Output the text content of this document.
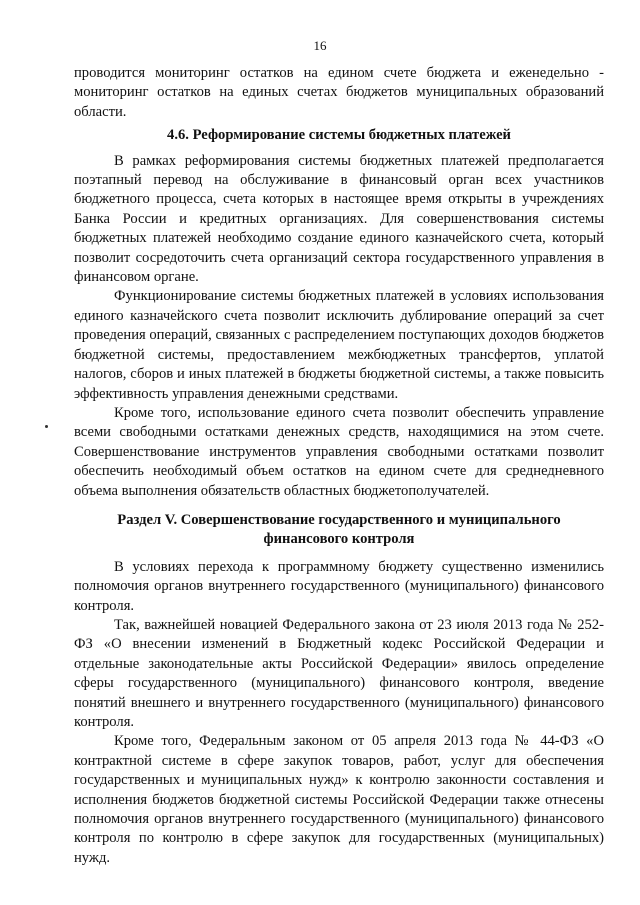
16

проводится мониторинг остатков на едином счете бюджета и еженедельно - мониторинг остатков на единых счетах бюджетов муниципальных образований области.

4.6. Реформирование системы бюджетных платежей

В рамках реформирования системы бюджетных платежей предполагается поэтапный перевод на обслуживание в финансовый орган всех участников бюджетного процесса, счета которых в настоящее время открыты в учреждениях Банка России и кредитных организациях. Для совершенствования системы бюджетных платежей необходимо создание единого казначейского счета, который позволит сосредоточить счета организаций сектора государственного управления в финансовом органе.

Функционирование системы бюджетных платежей в условиях использования единого казначейского счета позволит исключить дублирование операций за счет проведения операций, связанных с распределением поступающих доходов бюджетов бюджетной системы, предоставлением межбюджетных трансфертов, уплатой налогов, сборов и иных платежей в бюджеты бюджетной системы, а также повысить эффективность управления денежными средствами.

Кроме того, использование единого счета позволит обеспечить управление всеми свободными остатками денежных средств, находящимися на этом счете. Совершенствование инструментов управления свободными остатками позволит обеспечить необходимый объем остатков на едином счете для среднедневного объема выполнения обязательств областных бюджетополучателей.

Раздел V. Совершенствование государственного и муниципального финансового контроля

В условиях перехода к программному бюджету существенно изменились полномочия органов внутреннего государственного (муниципального) финансового контроля.

Так, важнейшей новацией Федерального закона от 23 июля 2013 года № 252-ФЗ «О внесении изменений в Бюджетный кодекс Российской Федерации и отдельные законодательные акты Российской Федерации» явилось определение сферы государственного (муниципального) финансового контроля, введение понятий внешнего и внутреннего государственного (муниципального) финансового контроля.

Кроме того, Федеральным законом от 05 апреля 2013 года № 44-ФЗ «О контрактной системе в сфере закупок товаров, работ, услуг для обеспечения государственных и муниципальных нужд» к контролю законности составления и исполнения бюджетов бюджетной системы Российской Федерации также отнесены полномочия органов внутреннего государственного (муниципального) финансового контроля по контролю в сфере закупок для государственных (муниципальных) нужд.
